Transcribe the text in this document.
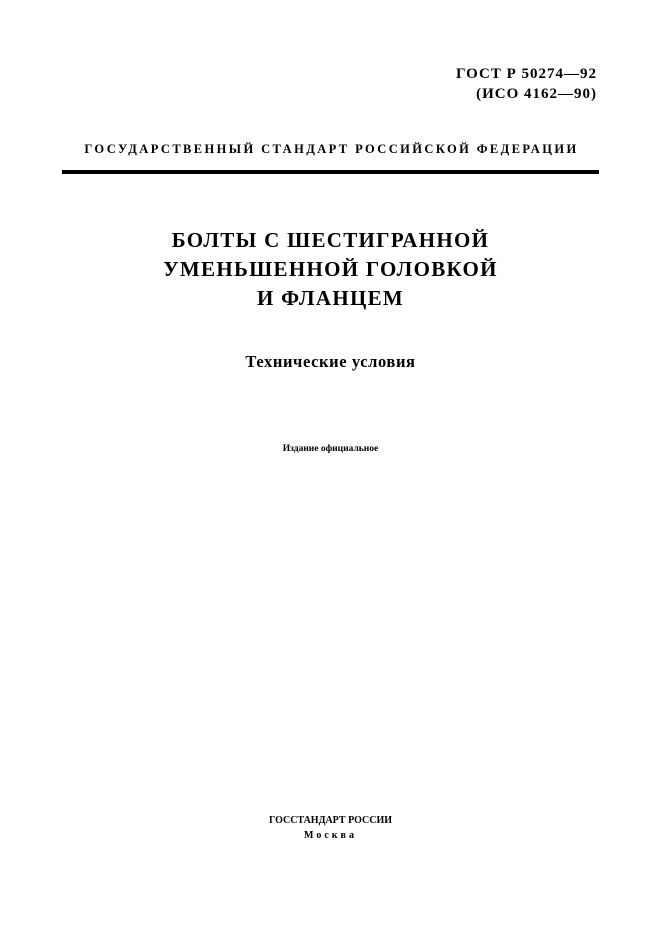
ГОСТ Р 50274—92
(ИСО 4162—90)
ГОСУДАРСТВЕННЫЙ СТАНДАРТ РОССИЙСКОЙ ФЕДЕРАЦИИ
БОЛТЫ С ШЕСТИГРАННОЙ
УМЕНЬШЕННОЙ ГОЛОВКОЙ
И ФЛАНЦЕМ
Технические условия
Издание официальное
ГОССТАНДАРТ РОССИИ
Москва
